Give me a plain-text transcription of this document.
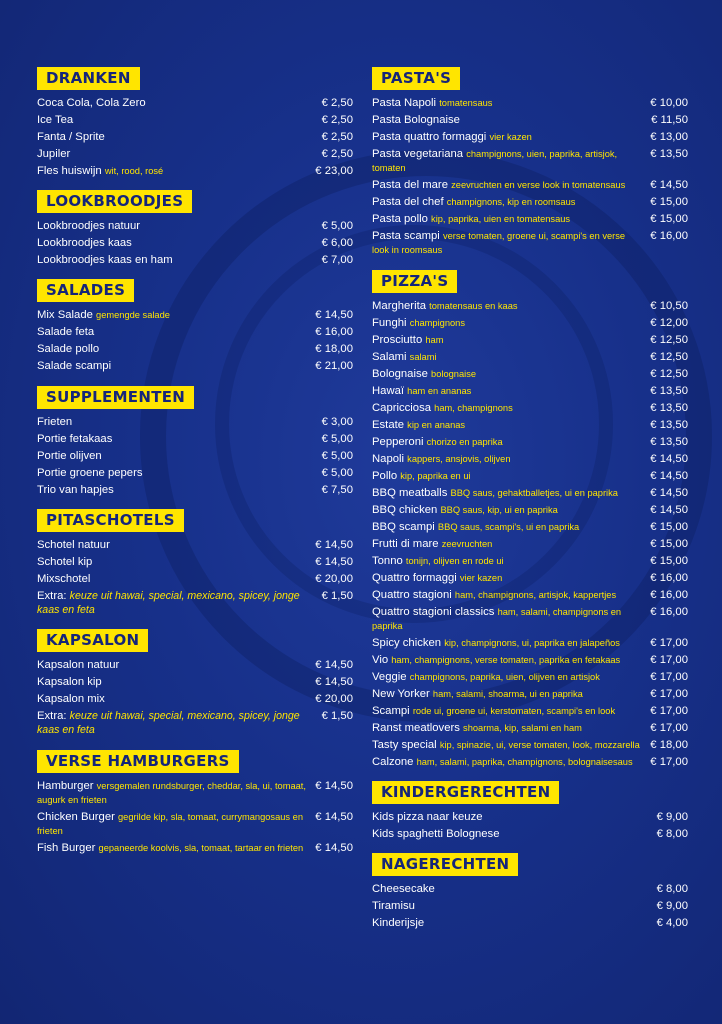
DRANKEN
Coca Cola, Cola Zero	€ 2,50
Ice Tea	€ 2,50
Fanta / Sprite	€ 2,50
Jupiler	€ 2,50
Fles huiswijn wit, rood, rosé	€ 23,00
LOOKBROODJES
Lookbroodjes natuur	€ 5,00
Lookbroodjes kaas	€ 6,00
Lookbroodjes kaas en ham	€ 7,00
SALADES
Mix Salade gemengde salade	€ 14,50
Salade feta	€ 16,00
Salade pollo	€ 18,00
Salade scampi	€ 21,00
SUPPLEMENTEN
Frieten	€ 3,00
Portie fetakaas	€ 5,00
Portie olijven	€ 5,00
Portie groene pepers	€ 5,00
Trio van hapjes	€ 7,50
PITASCHOTELS
Schotel natuur	€ 14,50
Schotel kip	€ 14,50
Mixschotel	€ 20,00
Extra: keuze uit hawai, special, mexicano, spicey, jonge kaas en feta
€ 1,50
KAPSALON
Kapsalon natuur	€ 14,50
Kapsalon kip	€ 14,50
Kapsalon mix	€ 20,00
Extra: keuze uit hawai, special, mexicano, spicey, jonge kaas en feta
€ 1,50
VERSE HAMBURGERS
Hamburger versgemalen rundsburger, cheddar, sla, ui, tomaat, augurk en frieten
€ 14,50
Chicken Burger gegrilde kip, sla, tomaat, currymangosaus en frieten
€ 14,50
Fish Burger gepaneerde koolvis, sla, tomaat, tartaar en frieten	€ 14,50
PASTA'S
Pasta Napoli tomatensaus	€ 10,00
Pasta Bolognaise	€ 11,50
Pasta quattro formaggi vier kazen	€ 13,00
Pasta vegetariana champignons, uien, paprika, artisjok, tomaten
€ 13,50
Pasta del mare zeevruchten en verse look in tomatensaus	€ 14,50
Pasta del chef champignons, kip en roomsaus	€ 15,00
Pasta pollo kip, paprika, uien en tomatensaus	€ 15,00
Pasta scampi verse tomaten, groene ui, scampi's en verse look in roomsaus
€ 16,00
PIZZA'S
Margherita tomatensaus en kaas	€ 10,50
Funghi champignons	€ 12,00
Prosciutto ham	€ 12,50
Salami salami	€ 12,50
Bolognaise bolognaise	€ 12,50
Hawaï ham en ananas	€ 13,50
Capricciosa ham, champignons	€ 13,50
Estate kip en ananas	€ 13,50
Pepperoni chorizo en paprika	€ 13,50
Napoli kappers, ansjovis, olijven	€ 14,50
Pollo kip, paprika en ui	€ 14,50
BBQ meatballs BBQ saus, gehaktballetjes, ui en paprika	€ 14,50
BBQ chicken BBQ saus, kip, ui en paprika	€ 14,50
BBQ scampi BBQ saus, scampi's, ui en paprika	€ 15,00
Frutti di mare zeevruchten	€ 15,00
Tonno tonijn, olijven en rode ui	€ 15,00
Quattro formaggi vier kazen	€ 16,00
Quattro stagioni ham, champignons, artisjok, kappertjes	€ 16,00
Quattro stagioni classics ham, salami, champignons en paprika
€ 16,00
Spicy chicken kip, champignons, ui, paprika en jalapeños	€ 17,00
Vio ham, champignons, verse tomaten, paprika en fetakaas	€ 17,00
Veggie champignons, paprika, uien, olijven en artisjok	€ 17,00
New Yorker ham, salami, shoarma, ui en paprika	€ 17,00
Scampi rode ui, groene ui, kerstomaten, scampi's en look	€ 17,00
Ranst meatlovers shoarma, kip, salami en ham	€ 17,00
Tasty special kip, spinazie, ui, verse tomaten, look, mozzarella € 18,00
Calzone ham, salami, paprika, champignons, bolognaisesaus	€ 17,00
KINDERGERECHTEN
Kids pizza naar keuze	€ 9,00
Kids spaghetti Bolognese	€ 8,00
NAGERECHTEN
Cheesecake	€ 8,00
Tiramisu	€ 9,00
Kinderijsje	€ 4,00
